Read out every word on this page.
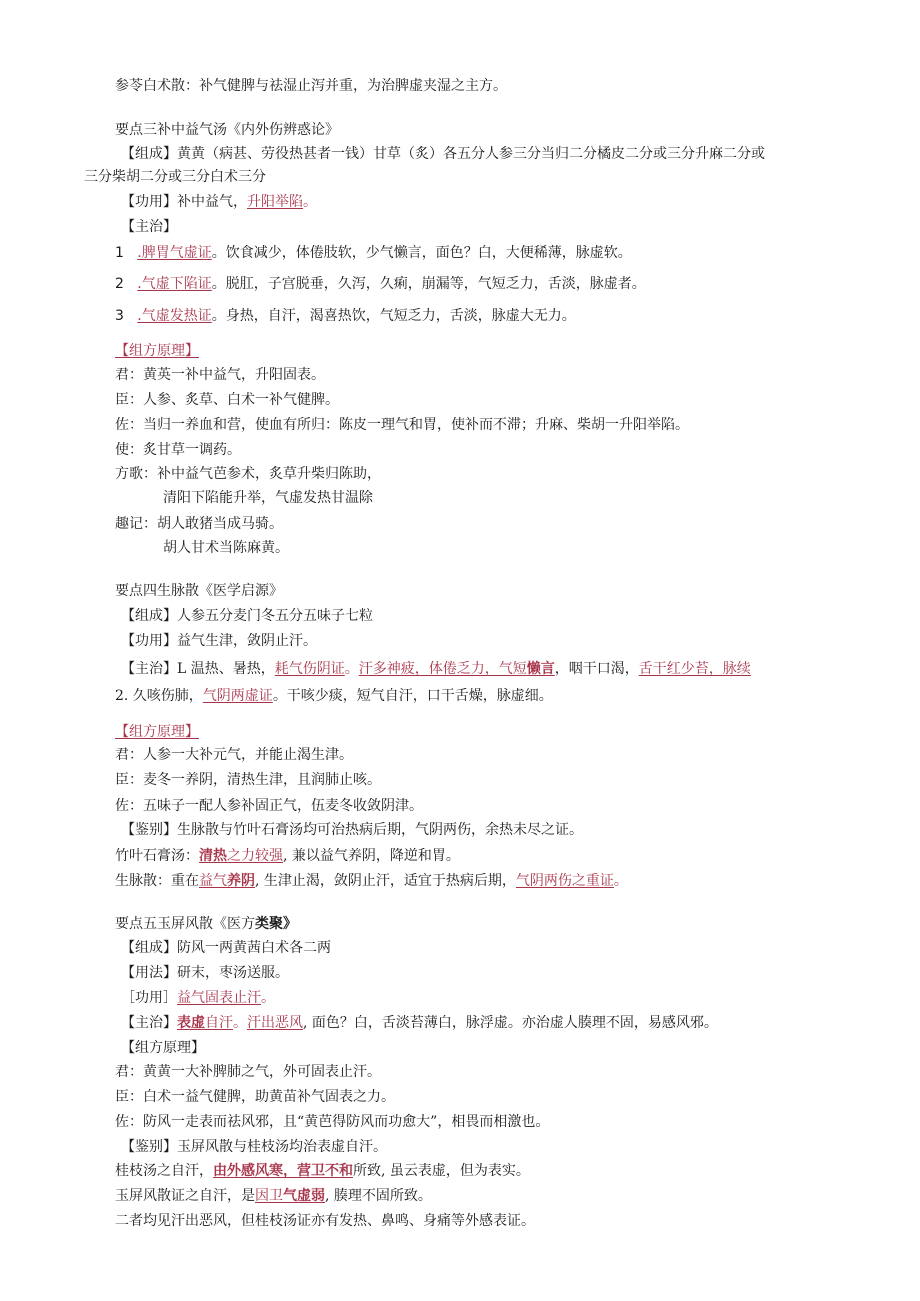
参苓白术散：补气健脾与祛湿止泻并重，为治脾虚夹湿之主方。
要点三补中益气汤《内外伤辨惑论》
【组成】黄黄（病甚、劳役热甚者一钱）甘草（炙）各五分人参三分当归二分橘皮二分或三分升麻二分或
三分柴胡二分或三分白术三分
【功用】补中益气，升阳举陷。
【主治】
1 .脾胃气虚证。饮食减少，体倦肢软，少气懒言，面色？白，大便稀薄，脉虚软。
2 .气虚下陷证。脱肛，子宫脱垂，久泻，久痢，崩漏等，气短乏力，舌淡，脉虚者。
3 .气虚发热证。身热，自汗，渴喜热饮，气短乏力，舌淡，脉虚大无力。
【组方原理】
君：黄英一补中益气，升阳固表。
臣：人参、炙草、白术一补气健脾。
佐：当归一养血和营，使血有所归：陈皮一理气和胃，使补而不滞；升麻、柴胡一升阳举陷。
使：炙甘草一调药。
方歌：补中益气芭参术，炙草升柴归陈助，
清阳下陷能升举，气虚发热甘温除
趣记：胡人敢猪当成马骑。
胡人甘术当陈麻黄。
要点四生脉散《医学启源》
【组成】人参五分麦门冬五分五味子七粒
【功用】益气生津，敛阴止汗。
【主治】L 温热、暑热，耗气伤阴证。汗多神疲，体倦乏力，气短懒言，咽干口渴，舌干红少苔，脉续
2. 久咳伤肺，气阴两虚证。干咳少痰，短气自汗，口干舌燥，脉虚细。
【组方原理】
君：人参一大补元气，并能止渴生津。
臣：麦冬一养阴，清热生津，且润肺止咳。
佐：五味子一配人参补固正气，伍麦冬收敛阴津。
【鉴别】生脉散与竹叶石膏汤均可治热病后期，气阴两伤，余热未尽之证。
竹叶石膏汤：清热之力较强, 兼以益气养阴，降逆和胃。
生脉散：重在益气养阴, 生津止渴，敛阴止汗，适宜于热病后期，气阴两伤之重证。
要点五玉屏风散《医方类聚》
【组成】防风一两黄茜白术各二两
【用法】研末，枣汤送服。
［功用］益气固表止汗。
【主治】表虚自汗。汗出恶风, 面色？白，舌淡苔薄白，脉浮虚。亦治虚人腠理不固，易感风邪。
【组方原理】
君：黄黄一大补脾肺之气，外可固表止汗。
臣：白术一益气健脾，助黄苗补气固表之力。
佐：防风一走表而祛风邪，且“黄芭得防风而功愈大”，相畏而相激也。
【鉴别】玉屏风散与桂枝汤均治表虚自汗。
桂枝汤之自汗，由外感风寒，营卫不和所致, 虽云表虚，但为表实。
玉屏风散证之自汗，是因卫气虚弱, 腠理不固所致。
二者均见汗出恶风，但桂枝汤证亦有发热、鼻鸣、身痛等外感表证。
